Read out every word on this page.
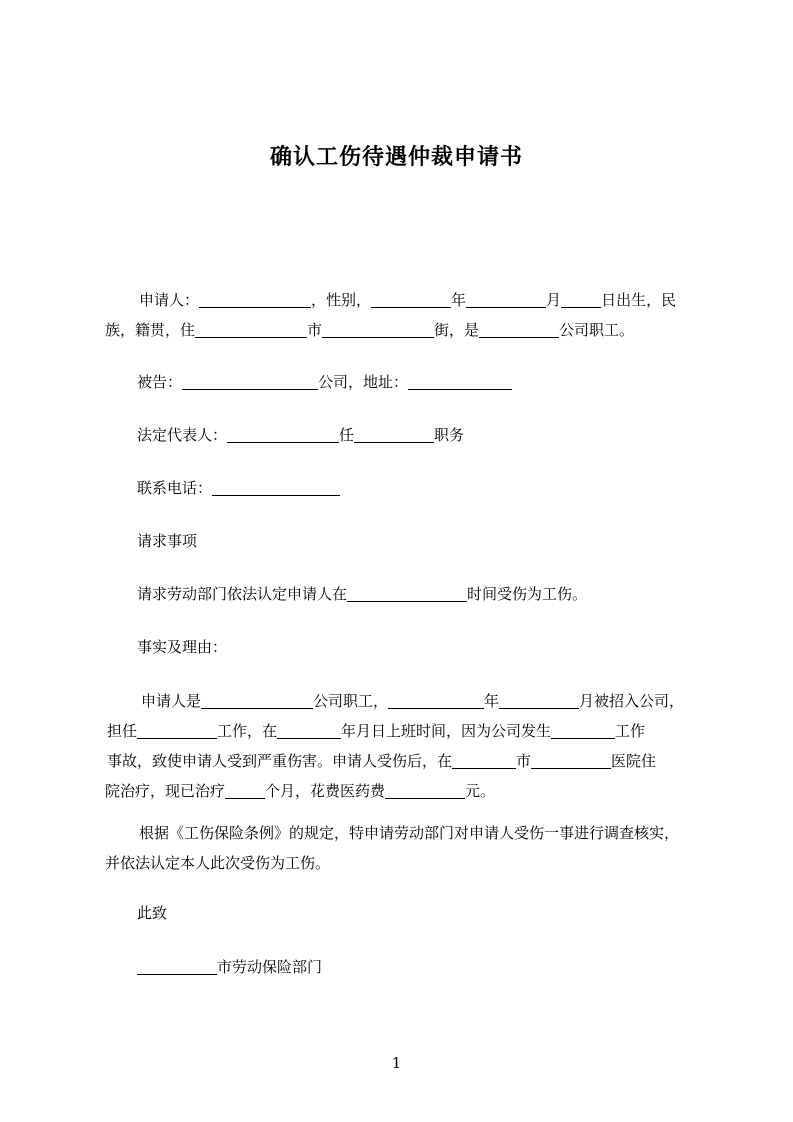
确认工伤待遇仲裁申请书
申请人：	，性别，	年	月	日出生，民
族，籍贯，住	市	街，是	公司职工。
被告：	公司，地址：
法定代表人：	任	职务
联系电话：
请求事项
请求劳动部门依法认定申请人在	时间受伤为工伤。
事实及理由：
申请人是	公司职工，	年	月被招入公司，
担任	工作，在	年月日上班时间，因为公司发生	工作
事故，致使申请人受到严重伤害。申请人受伤后，在	市	医院住
院治疗，现已治疗	个月，花费医药费	元。
根据《工伤保险条例》的规定，特申请劳动部门对申请人受伤一事进行调查核实，
并依法认定本人此次受伤为工伤。
此致
市劳动保险部门
1
